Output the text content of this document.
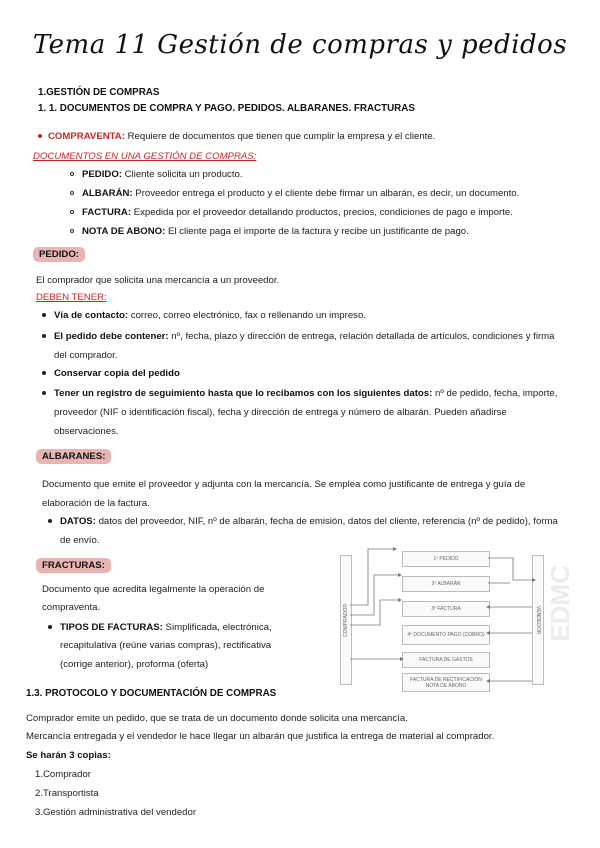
Tema 11 Gestión de compras y pedidos
1.GESTIÓN DE COMPRAS
1. 1. DOCUMENTOS DE COMPRA Y PAGO. PEDIDOS. ALBARANES. FRACTURAS
COMPRAVENTA: Requiere de documentos que tienen que cumplir la empresa y el cliente.
DOCUMENTOS EN UNA GESTIÓN DE COMPRAS:
PEDIDO: Cliente solicita un producto.
ALBARÁN: Proveedor entrega el producto y el cliente debe firmar un albarán, es decir, un documento.
FACTURA: Expedida por el proveedor detallando productos, precios, condiciones de pago e importe.
NOTA DE ABONO: El cliente paga el importe de la factura y recibe un justificante de pago.
PEDIDO:
El comprador que solicita una mercancía a un proveedor.
DEBEN TENER:
Vía de contacto: correo, correo electrónico, fax o rellenando un impreso.
El pedido debe contener: nº, fecha, plazo y dirección de entrega, relación detallada de artículos, condiciones y firma
del comprador.
Conservar copia del pedido
Tener un registro de seguimiento hasta que lo recibamos con los siguientes datos: nº de pedido, fecha, importe,
proveedor (NIF o identificación fiscal), fecha y dirección de entrega y número de albarán. Pueden añadirse
observaciones.
ALBARANES:
Documento que emite el proveedor y adjunta con la mercancía. Se emplea como justificante de entrega y guía de
elaboración de la factura.
DATOS: datos del proveedor, NIF, nº de albarán, fecha de emisión, datos del cliente, referencia (nº de pedido), forma
de envío.
FRACTURAS:
Documento que acredita legalmente la operación de
compraventa.
TIPOS DE FACTURAS: Simplificada, electrónica,
recapitulativa (reúne varias compras), rectificativa
(corrige anterior), proforma (oferta)
COMPRADOR	VENDEDOR EDMC
1º PEDIDO
2º ALBARÁN
3º FACTURA
4º DOCUMENTO PAGO (COBRO)
FACTURA DE GASTOS
FACTURA DE RECTIFICACIÓN NOTA DE ABONO
1.3. PROTOCOLO Y DOCUMENTACIÓN DE COMPRAS
Comprador emite un pedido, que se trata de un documento donde solicita una mercancía.
Mercancía entregada y el vendedor le hace llegar un albarán que justifica la entrega de material al comprador.
Se harán 3 copias:
1.Comprador
2.Transportista
3.Gestión administrativa del vendedor
